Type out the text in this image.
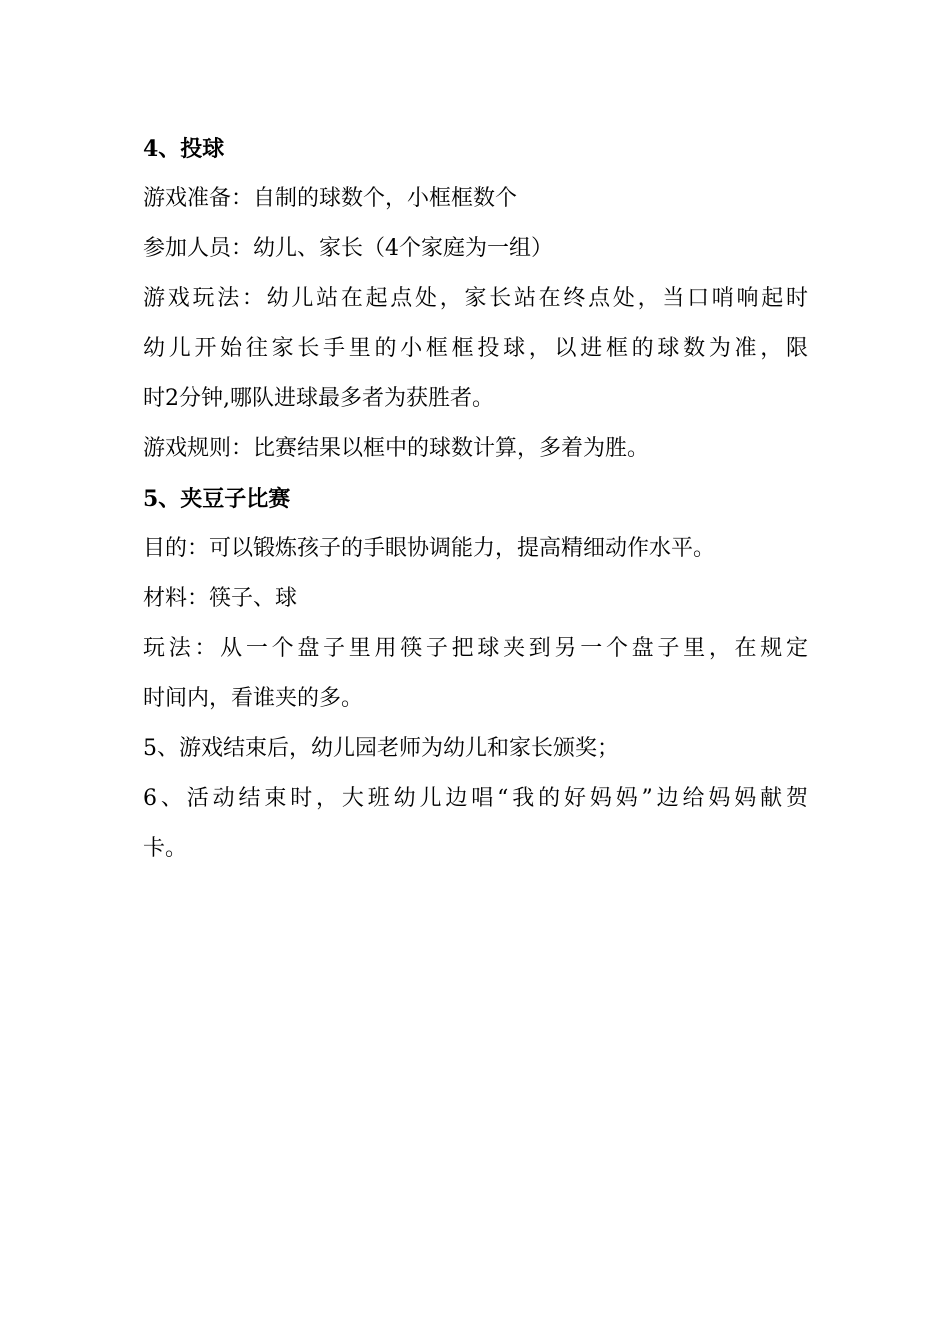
4、投球
游戏准备：自制的球数个，小框框数个
参加人员：幼儿、家长（4个家庭为一组）
游戏玩法：幼儿站在起点处，家长站在终点处，当口哨响起时
幼儿开始往家长手里的小框框投球，以进框的球数为准，限
时2分钟,哪队进球最多者为获胜者。
游戏规则：比赛结果以框中的球数计算，多着为胜。
5、夹豆子比赛
目的：可以锻炼孩子的手眼协调能力，提高精细动作水平。
材料：筷子、球
玩法：从一个盘子里用筷子把球夹到另一个盘子里，在规定
时间内，看谁夹的多。
5、游戏结束后，幼儿园老师为幼儿和家长颁奖；
6、活动结束时，大班幼儿边唱“我的好妈妈”边给妈妈献贺
卡。
